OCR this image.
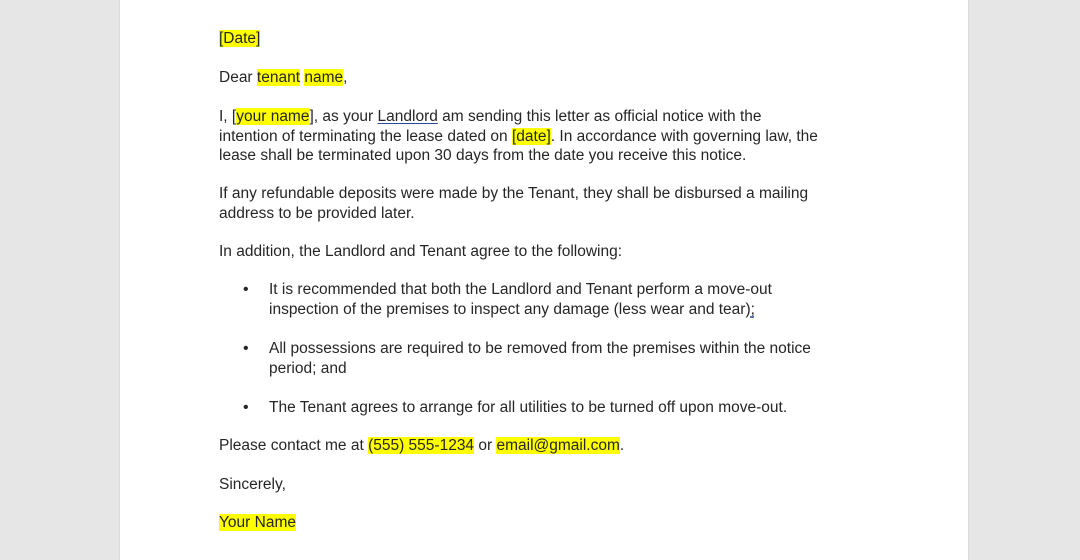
[Date]
Dear tenant name,
I, [your name], as your Landlord am sending this letter as official notice with the
intention of terminating the lease dated on [date]. In accordance with governing law, the
lease shall be terminated upon 30 days from the date you receive this notice.
If any refundable deposits were made by the Tenant, they shall be disbursed a mailing
address to be provided later.
In addition, the Landlord and Tenant agree to the following:
• It is recommended that both the Landlord and Tenant perform a move-out
inspection of the premises to inspect any damage (less wear and tear);
• All possessions are required to be removed from the premises within the notice
period; and
• The Tenant agrees to arrange for all utilities to be turned off upon move-out.
Please contact me at (555) 555-1234 or email@gmail.com.
Sincerely,
Your Name
